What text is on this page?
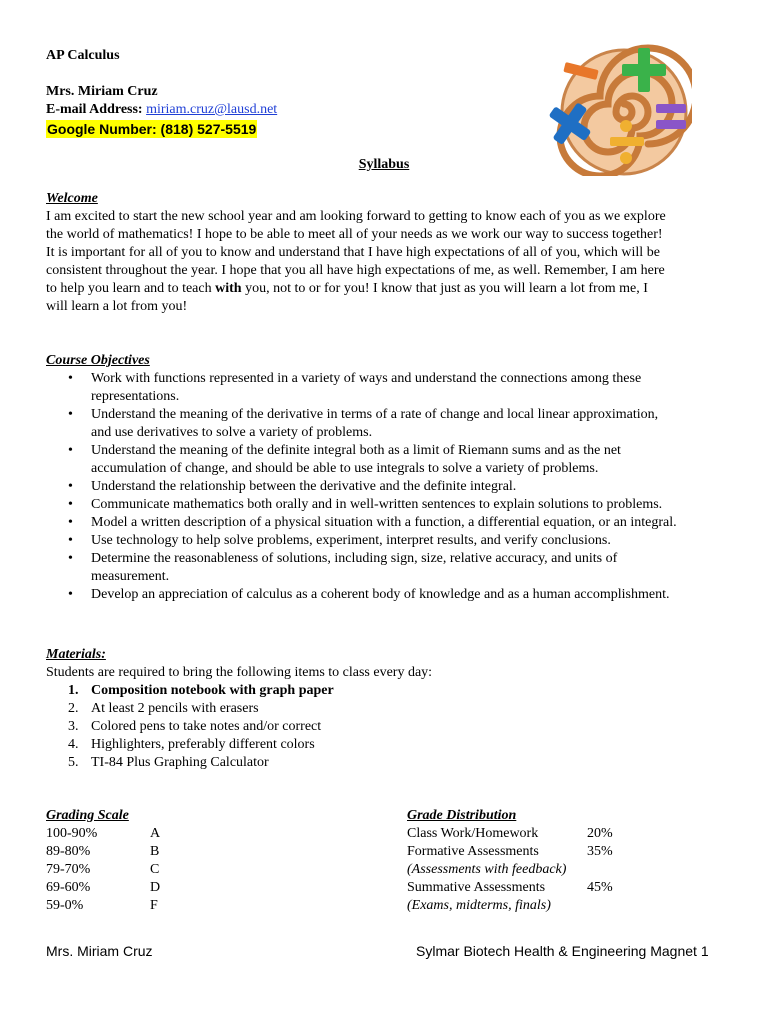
AP Calculus
Mrs. Miriam Cruz
E-mail Address: miriam.cruz@lausd.net
Google Number: (818) 527-5519
Syllabus
Welcome
I am excited to start the new school year and am looking forward to getting to know each of you as we explore
the world of mathematics! I hope to be able to meet all of your needs as we work our way to success together!
It is important for all of you to know and understand that I have high expectations of all of you, which will be
consistent throughout the year. I hope that you all have high expectations of me, as well. Remember, I am here
to help you learn and to teach with you, not to or for you! I know that just as you will learn a lot from me, I
will learn a lot from you!
Course Objectives
• Work with functions represented in a variety of ways and understand the connections among these
representations.
• Understand the meaning of the derivative in terms of a rate of change and local linear approximation,
and use derivatives to solve a variety of problems.
• Understand the meaning of the definite integral both as a limit of Riemann sums and as the net
accumulation of change, and should be able to use integrals to solve a variety of problems.
• Understand the relationship between the derivative and the definite integral.
• Communicate mathematics both orally and in well-written sentences to explain solutions to problems.
• Model a written description of a physical situation with a function, a differential equation, or an integral.
• Use technology to help solve problems, experiment, interpret results, and verify conclusions.
• Determine the reasonableness of solutions, including sign, size, relative accuracy, and units of
measurement.
• Develop an appreciation of calculus as a coherent body of knowledge and as a human accomplishment.
Materials:
Students are required to bring the following items to class every day:
1. Composition notebook with graph paper
2. At least 2 pencils with erasers
3. Colored pens to take notes and/or correct
4. Highlighters, preferably different colors
5. TI-84 Plus Graphing Calculator
Grading Scale
100-90%	A
89-80%	B
79-70%	C
69-60%	D
59-0%	F
Grade Distribution
Class Work/Homework	20%
Formative Assessments	35%
(Assessments with feedback)
Summative Assessments	45%
(Exams, midterms, finals)
Mrs. Miriam Cruz	Sylmar Biotech Health & Engineering Magnet 1
